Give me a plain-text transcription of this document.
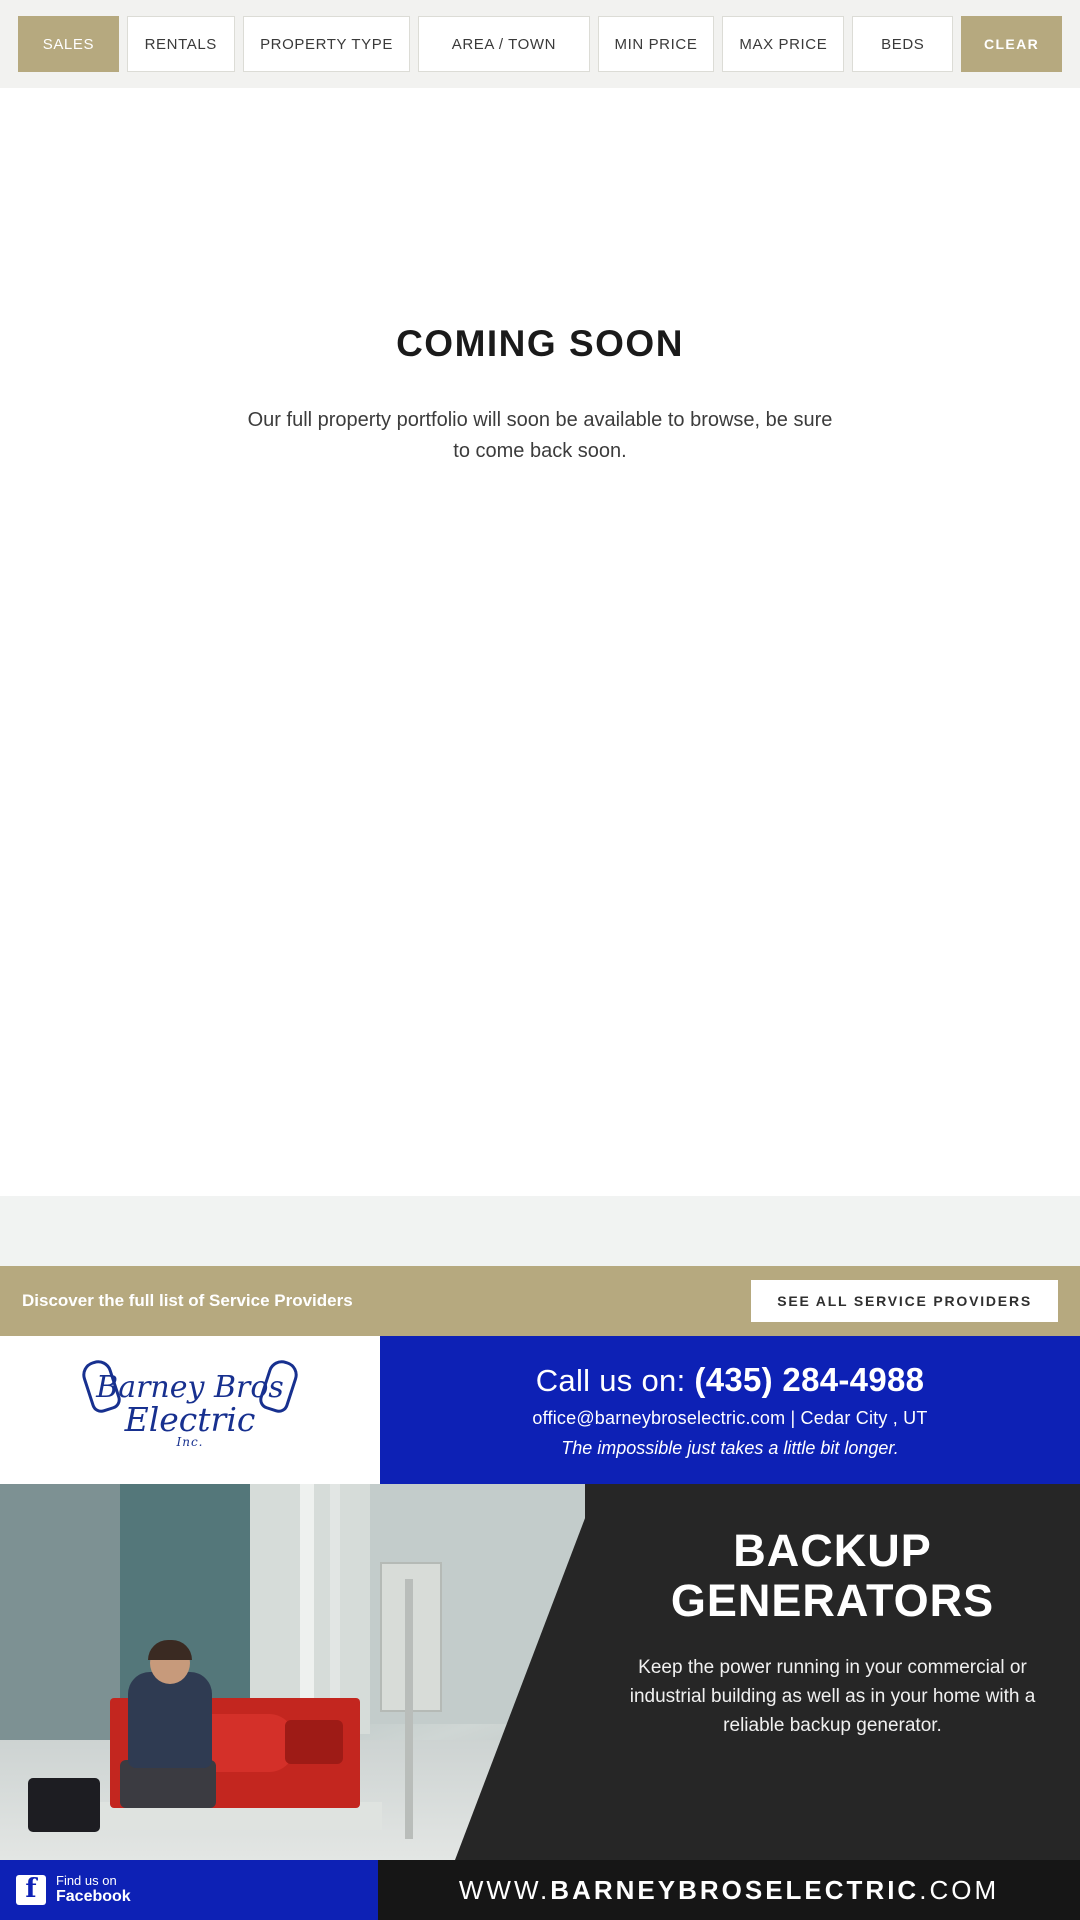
SALES	RENTALS	PROPERTY TYPE	AREA / TOWN	MIN PRICE	MAX PRICE	BEDS	CLEAR
COMING SOON
Our full property portfolio will soon be available to browse, be sure to come back soon.
Discover the full list of Service Providers	SEE ALL SERVICE PROVIDERS
Barney Bros
Electric
Inc.
Call us on: (435) 284-4988
office@barneybroselectric.com | Cedar City , UT
The impossible just takes a little bit longer.
BACKUP GENERATORS
Keep the power running in your commercial or industrial building as well as in your home with a reliable backup generator.
f	Find us on
Facebook	WWW. BARNEYBROSELECTRIC .COM
